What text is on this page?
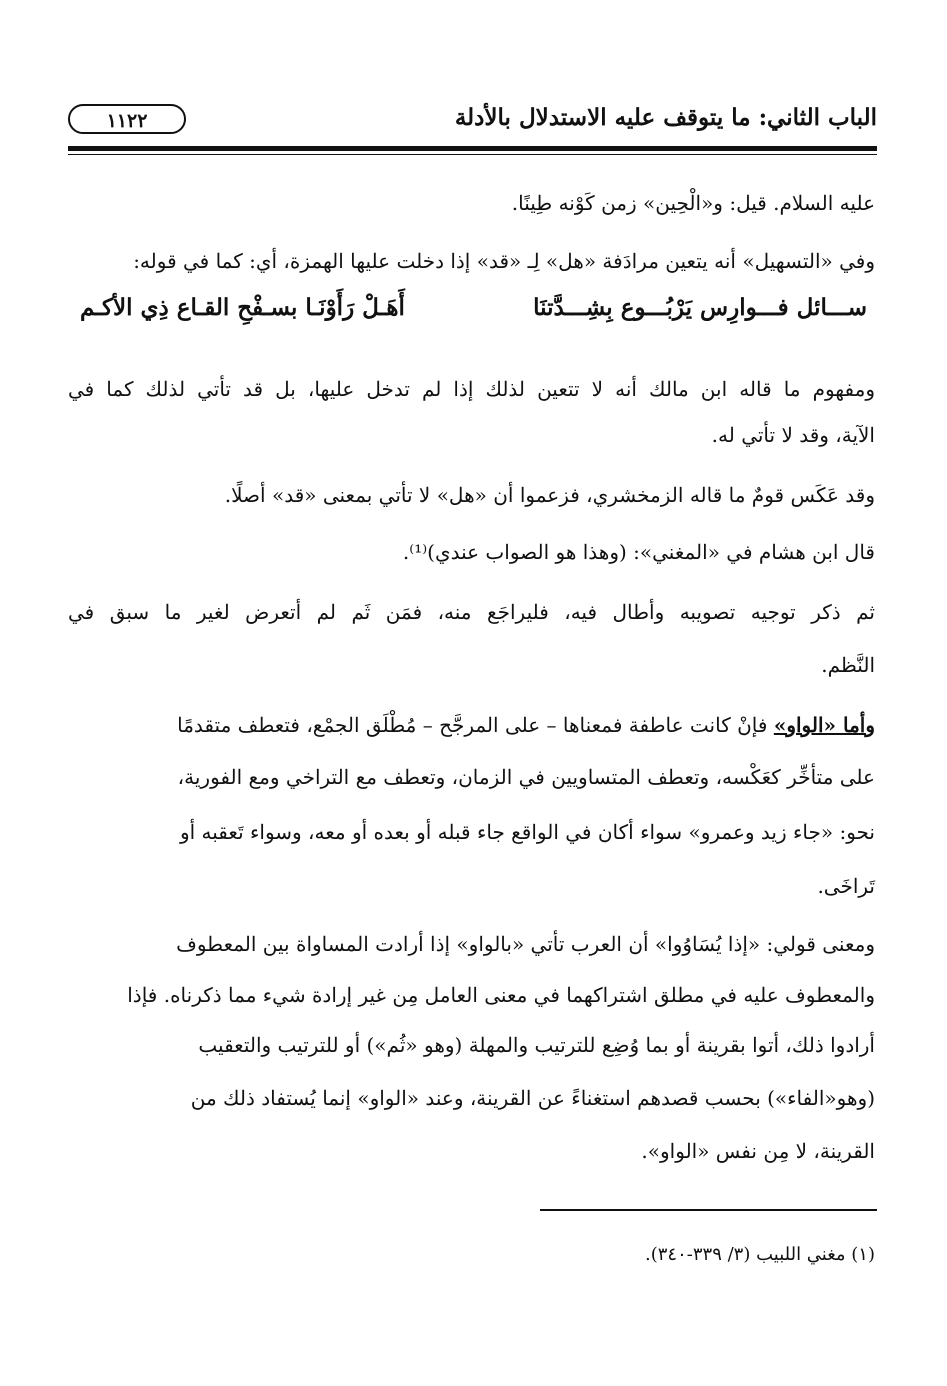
الباب الثاني: ما يتوقف عليه الاستدلال بالأدلة
١١٢٢
عليه السلام. قيل: و«الْحِين» زمن كَوْنه طِينًا.
وفي «التسهيل» أنه يتعين مرادَفة «هل» لِـ «قد» إذا دخلت عليها الهمزة، أي: كما في قوله:
ســـائل فـــوارِس يَرْبُـــوع بِشِـــدَّتنَا
أَهَـلْ رَأَوْنَـا بسـفْحِ القـاع ذِي الأكـم
ومفهوم ما قاله ابن مالك أنه لا تتعين لذلك إذا لم تدخل عليها، بل قد تأتي لذلك كما في
الآية، وقد لا تأتي له.
وقد عَكَس قومٌ ما قاله الزمخشري، فزعموا أن «هل» لا تأتي بمعنى «قد» أصلًا.
قال ابن هشام في «المغني»: (وهذا هو الصواب عندي)⁽¹⁾.
ثم ذكر توجيه تصويبه وأطال فيه، فليراجَع منه، فمَن ثَم لم أتعرض لغير ما سبق في
النَّظم.
وأما «الواو» فإنْ كانت عاطفة فمعناها – على المرجَّح – مُطْلَق الجمْع، فتعطف متقدمًا
على متأخِّر كعَكْسه، وتعطف المتساويين في الزمان، وتعطف مع التراخي ومع الفورية،
نحو: «جاء زيد وعمرو» سواء أكان في الواقع جاء قبله أو بعده أو معه، وسواء تَعقبه أو
تَراخَى.
ومعنى قولي: «إذا يُسَاوُوا» أن العرب تأتي «بالواو» إذا أرادت المساواة بين المعطوف
والمعطوف عليه في مطلق اشتراكهما في معنى العامل مِن غير إرادة شيء مما ذكرناه. فإذا
أرادوا ذلك، أتوا بقرينة أو بما وُضِع للترتيب والمهلة (وهو «ثُم») أو للترتيب والتعقيب
(وهو«الفاء») بحسب قصدهم استغناءً عن القرينة، وعند «الواو» إنما يُستفاد ذلك من
القرينة، لا مِن نفس «الواو».
(١) مغني اللبيب (٣/ ٣٣٩-٣٤٠).
